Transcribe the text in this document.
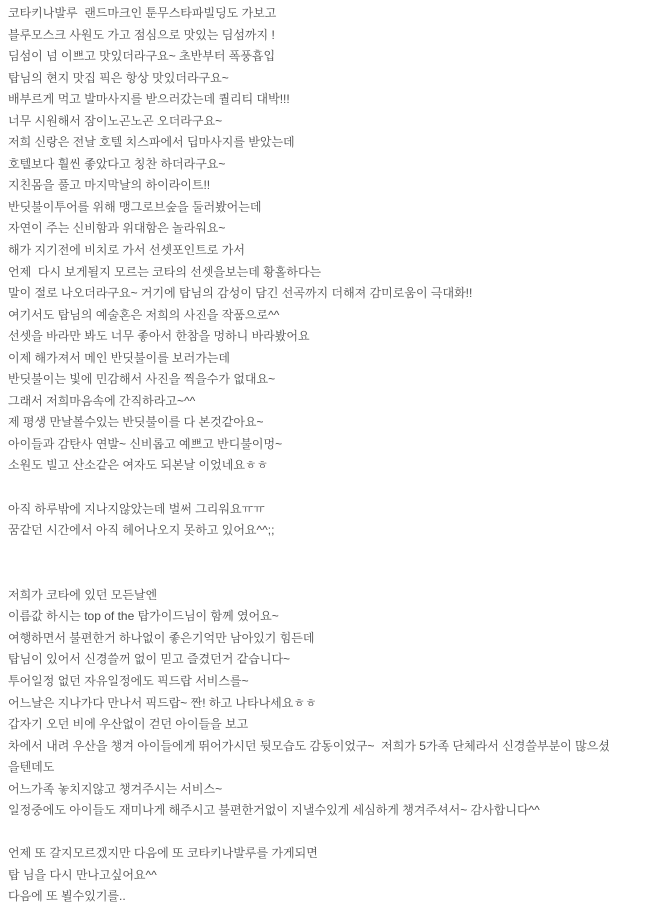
코타키나발루  랜드마크인 툰무스타파빌딩도 가보고
블루모스크 사원도 가고 점심으로 맛있는 딤섬까지 !
딤섬이 넘 이쁘고 맛있더라구요~ 초반부터 폭풍흡입
탑님의 현지 맛집 픽은 항상 맛있더라구요~
배부르게 먹고 발마사지를 받으러갔는데 퀄리티 대박!!!
너무 시원해서 잠이노곤노곤 오더라구요~
저희 신랑은 전날 호텔 치스파에서 딥마사지를 받았는데
호텔보다 훨씬 좋았다고 칭찬 하더라구요~
지친몸을 풀고 마지막날의 하이라이트!!
반딧불이투어를 위해 맹그로브숲을 둘러봤어는데
자연이 주는 신비함과 위대함은 놀라워요~
해가 지기전에 비치로 가서 선셋포인트로 가서
언제  다시 보게될지 모르는 코타의 선셋을보는데 황홀하다는
말이 절로 나오더라구요~ 거기에 탑님의 감성이 담긴 선곡까지 더해져 감미로움이 극대화!!
여기서도 탑님의 예술혼은 저희의 사진을 작품으로^^
선셋을 바라만 봐도 너무 좋아서 한참을 멍하니 바라봤어요
이제 해가져서 메인 반딧불이를 보러가는데
반딧불이는 빛에 민감해서 사진을 찍을수가 없대요~
그래서 저희마음속에 간직하라고~^^
제 평생 만날볼수있는 반딧불이를 다 본것같아요~
아이들과 감탄사 연발~ 신비롭고 예쁘고 반디불이멍~
소원도 빌고 산소같은 여자도 되본날 이었네요ㅎㅎ
아직 하루밖에 지나지않았는데 벌써 그리워요ㅠㅠ
꿈같던 시간에서 아직 헤어나오지 못하고 있어요^^;;
저희가 코타에 있던 모든날엔
이름값 하시는 top of the 탑가이드님이 함께 였어요~
여행하면서 불편한거 하나없이 좋은기억만 남아있기 힘든데
탑님이 있어서 신경쓸꺼 없이 믿고 즐겼던거 같습니다~
투어일정 없던 자유일정에도 픽드랍 서비스를~
어느날은 지나가다 만나서 픽드랍~ 짠! 하고 나타나세요ㅎㅎ
갑자기 오던 비에 우산없이 걷던 아이들을 보고
차에서 내려 우산을 챙겨 아이들에게 뛰어가시던 뒷모습도 감동이었구~  저희가 5가족 단체라서 신경쓸부분이 많으셨
을텐데도
어느가족 놓치지않고 챙겨주시는 서비스~
일정중에도 아이들도 재미나게 해주시고 불편한거없이 지낼수있게 세심하게 챙겨주셔서~ 감사합니다^^
언제 또 갈지모르겠지만 다음에 또 코타키나발루를 가게되면
탑 님을 다시 만나고싶어요^^
다음에 또 뵐수있기를..
